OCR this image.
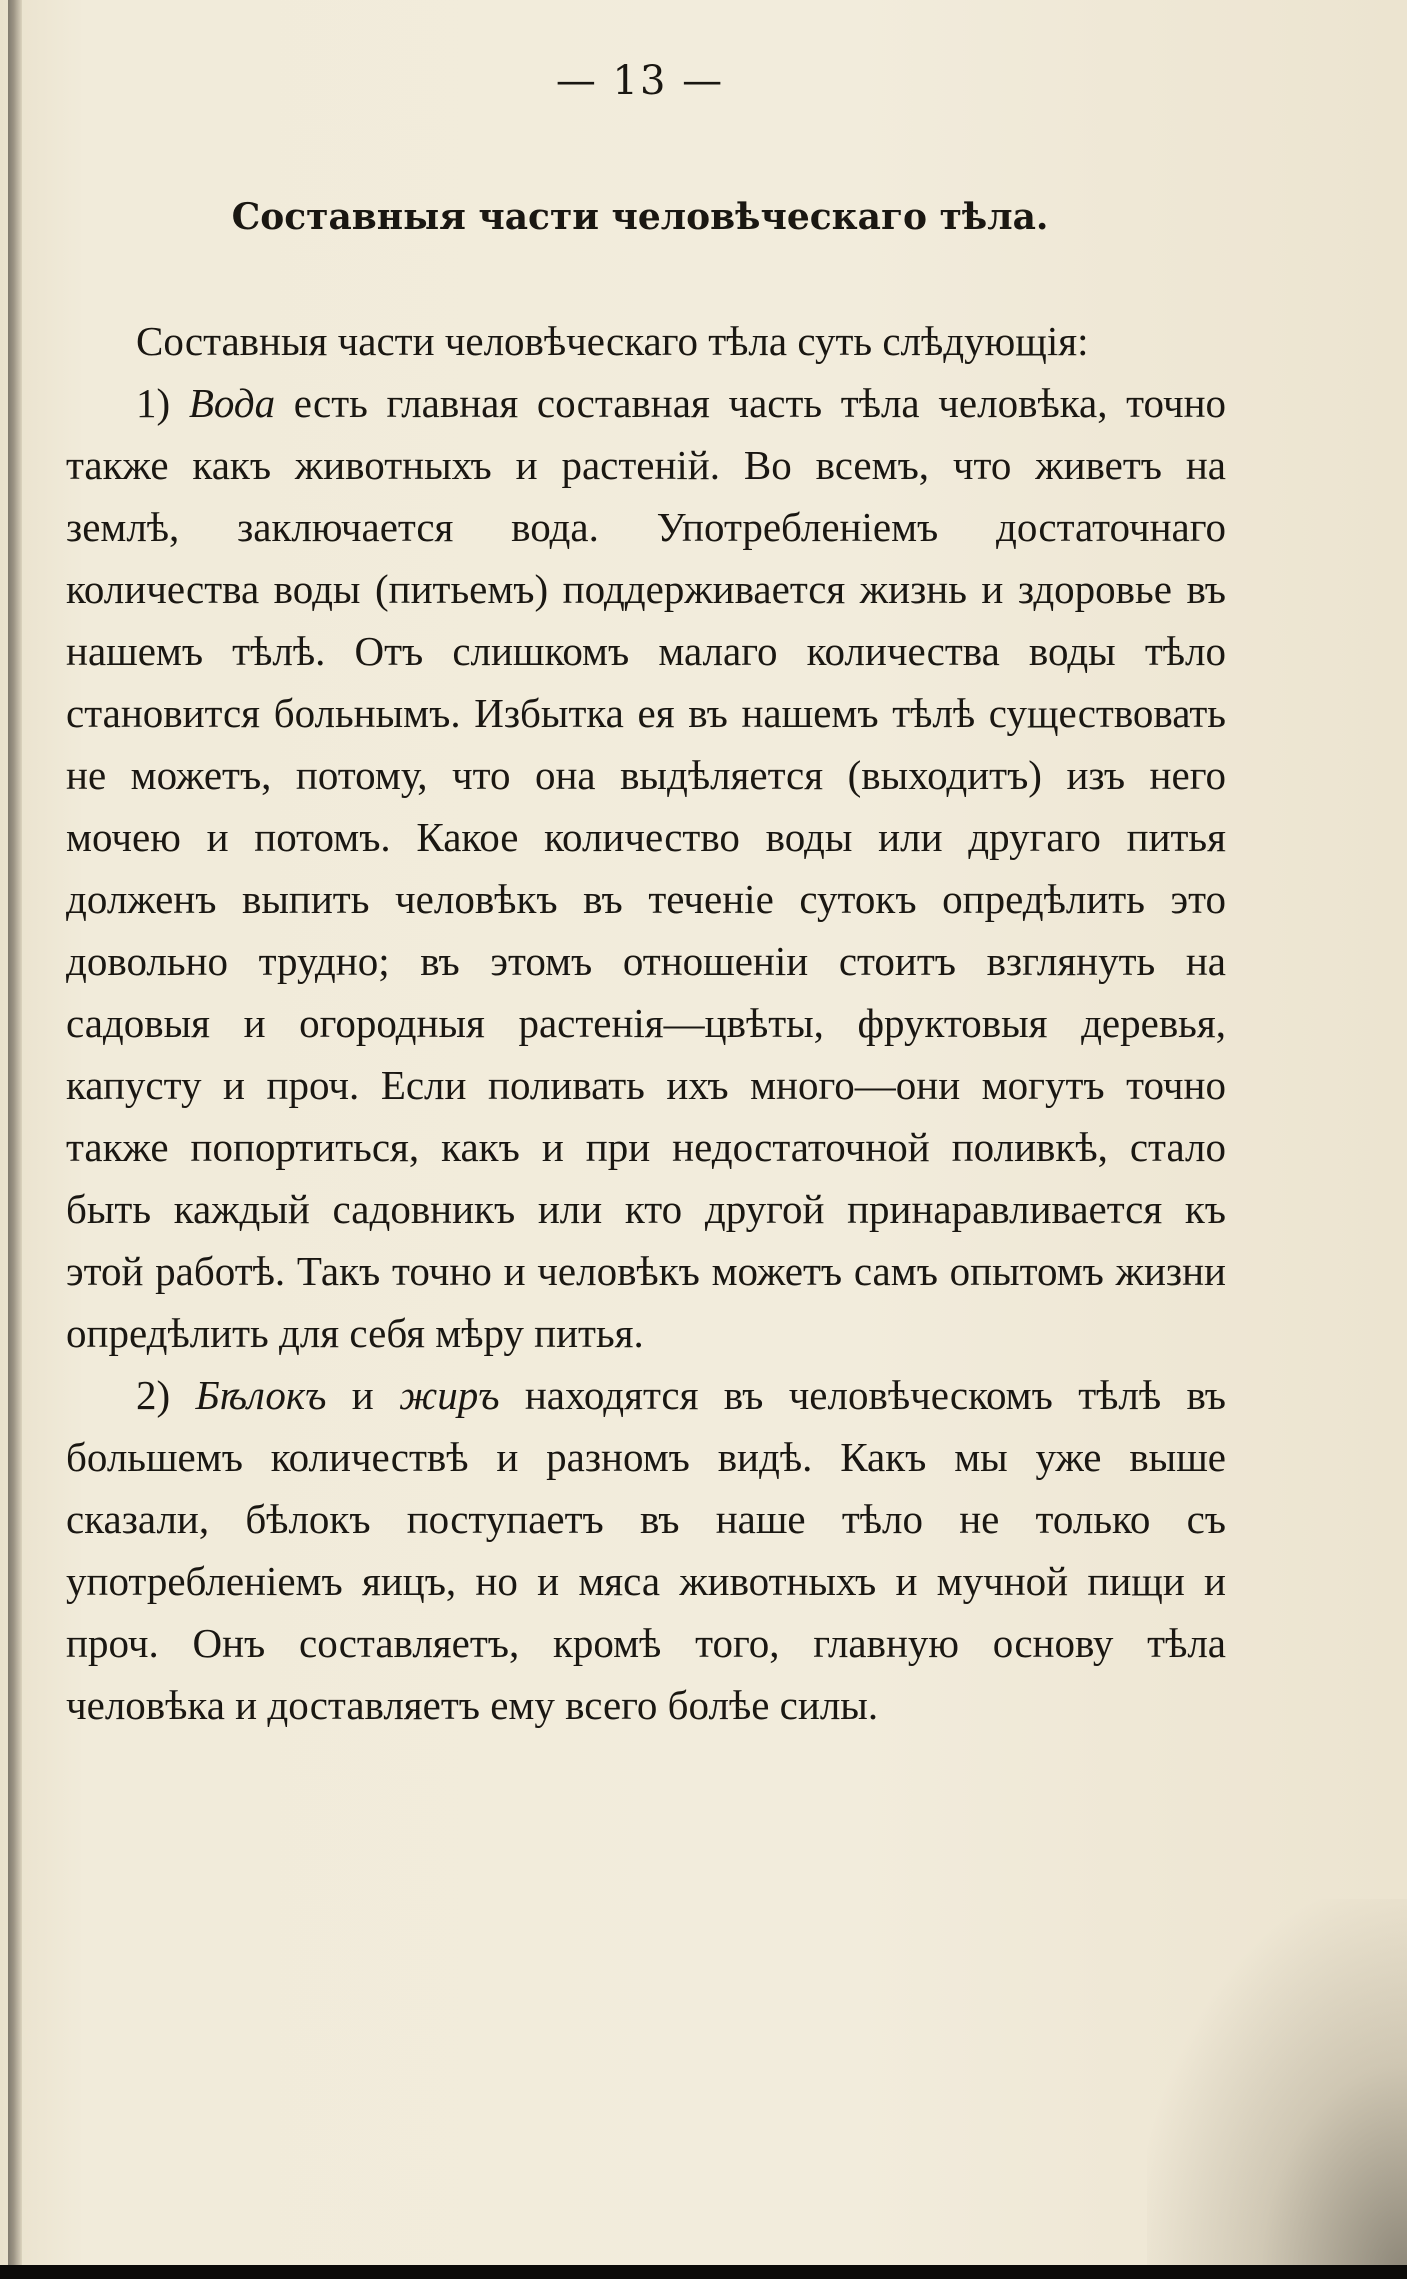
— 13 —
Составныя части человѣческаго тѣла.

Составныя части человѣческаго тѣла суть слѣдующія:

1) Вода есть главная составная часть тѣла человѣка, точно также какъ животныхъ и растеній. Во всемъ, что живетъ на землѣ, заключается вода. Употребленіемъ достаточнаго количества воды (питьемъ) поддерживается жизнь и здоровье въ нашемъ тѣлѣ. Отъ слишкомъ малаго количества воды тѣло становится больнымъ. Избытка ея въ нашемъ тѣлѣ существовать не можетъ, потому, что она выдѣляется (выходитъ) изъ него мочею и потомъ. Какое количество воды или другаго питья долженъ выпить человѣкъ въ теченіе сутокъ опредѣлить это довольно трудно; въ этомъ отношеніи стоитъ взглянуть на садовыя и огородныя растенія—цвѣты, фруктовыя деревья, капусту и проч. Если поливать ихъ много—они могутъ точно также попортиться, какъ и при недостаточной поливкѣ, стало быть каждый садовникъ или кто другой принаравливается къ этой работѣ. Такъ точно и человѣкъ можетъ самъ опытомъ жизни опредѣлить для себя мѣру питья.

2) Бѣлокъ и жиръ находятся въ человѣческомъ тѣлѣ въ большемъ количествѣ и разномъ видѣ. Какъ мы уже выше сказали, бѣлокъ поступаетъ въ наше тѣло не только съ употребленіемъ яицъ, но и мяса животныхъ и мучной пищи и проч. Онъ составляетъ, кромѣ того, главную основу тѣла человѣка и доставляетъ ему всего болѣе силы.
